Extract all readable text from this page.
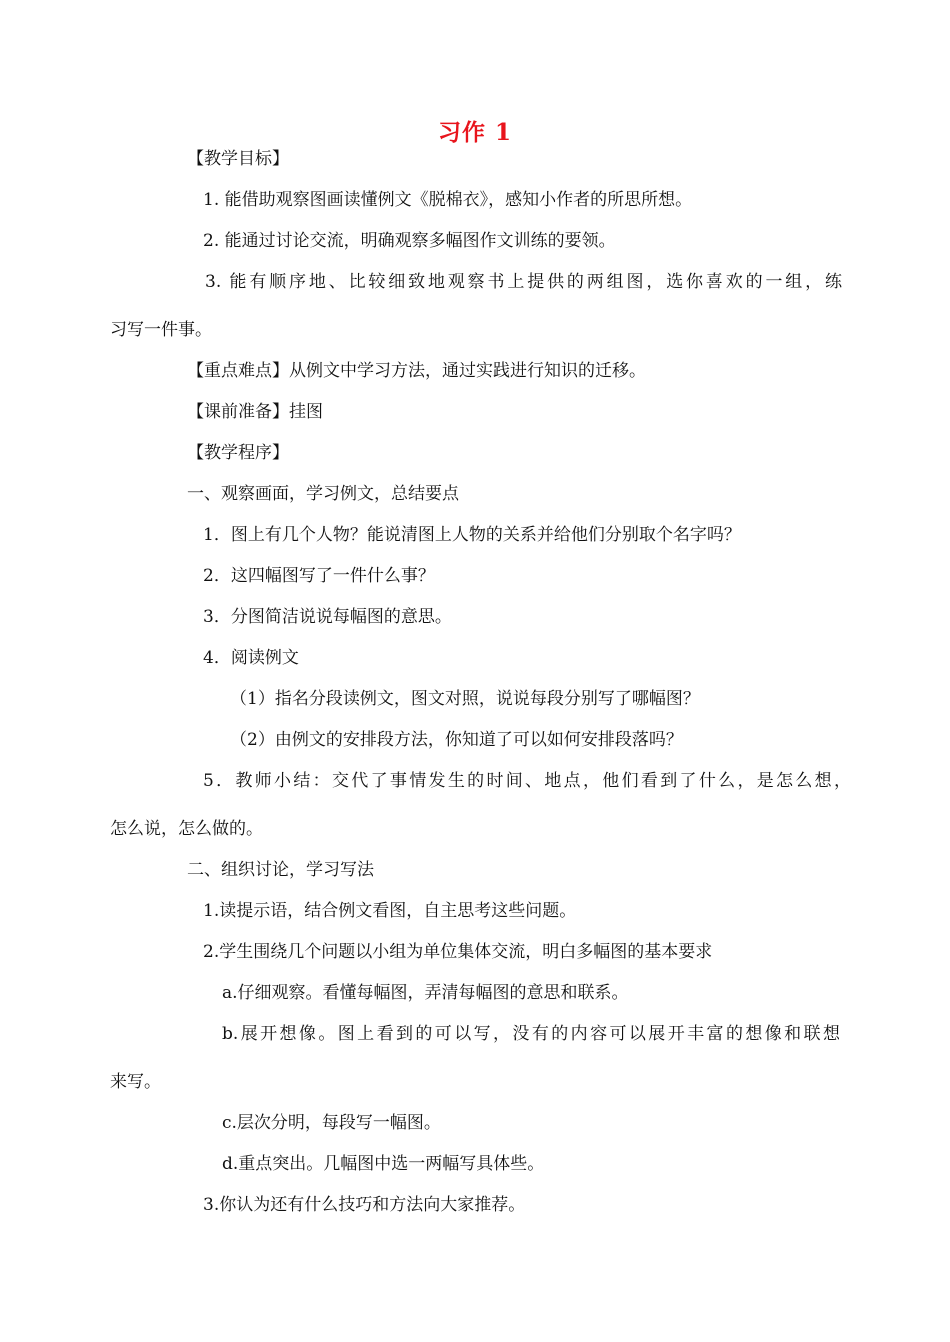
习作 1
【教学目标】
1. 能借助观察图画读懂例文《脱棉衣》，感知小作者的所思所想。
2. 能通过讨论交流，明确观察多幅图作文训练的要领。
3. 能有顺序地、比较细致地观察书上提供的两组图，选你喜欢的一组，练
习写一件事。
【重点难点】从例文中学习方法，通过实践进行知识的迁移。
【课前准备】挂图
【教学程序】
一、观察画面，学习例文，总结要点
1．图上有几个人物？能说清图上人物的关系并给他们分别取个名字吗？
2．这四幅图写了一件什么事？
3．分图简洁说说每幅图的意思。
4．阅读例文
（1）指名分段读例文，图文对照，说说每段分别写了哪幅图？
（2）由例文的安排段方法，你知道了可以如何安排段落吗？
5．教师小结：交代了事情发生的时间、地点，他们看到了什么，是怎么想，
怎么说，怎么做的。
二、组织讨论，学习写法
1.读提示语，结合例文看图，自主思考这些问题。
2.学生围绕几个问题以小组为单位集体交流，明白多幅图的基本要求
a.仔细观察。看懂每幅图，弄清每幅图的意思和联系。
b.展开想像。图上看到的可以写，没有的内容可以展开丰富的想像和联想
来写。
c.层次分明，每段写一幅图。
d.重点突出。几幅图中选一两幅写具体些。
3.你认为还有什么技巧和方法向大家推荐。
